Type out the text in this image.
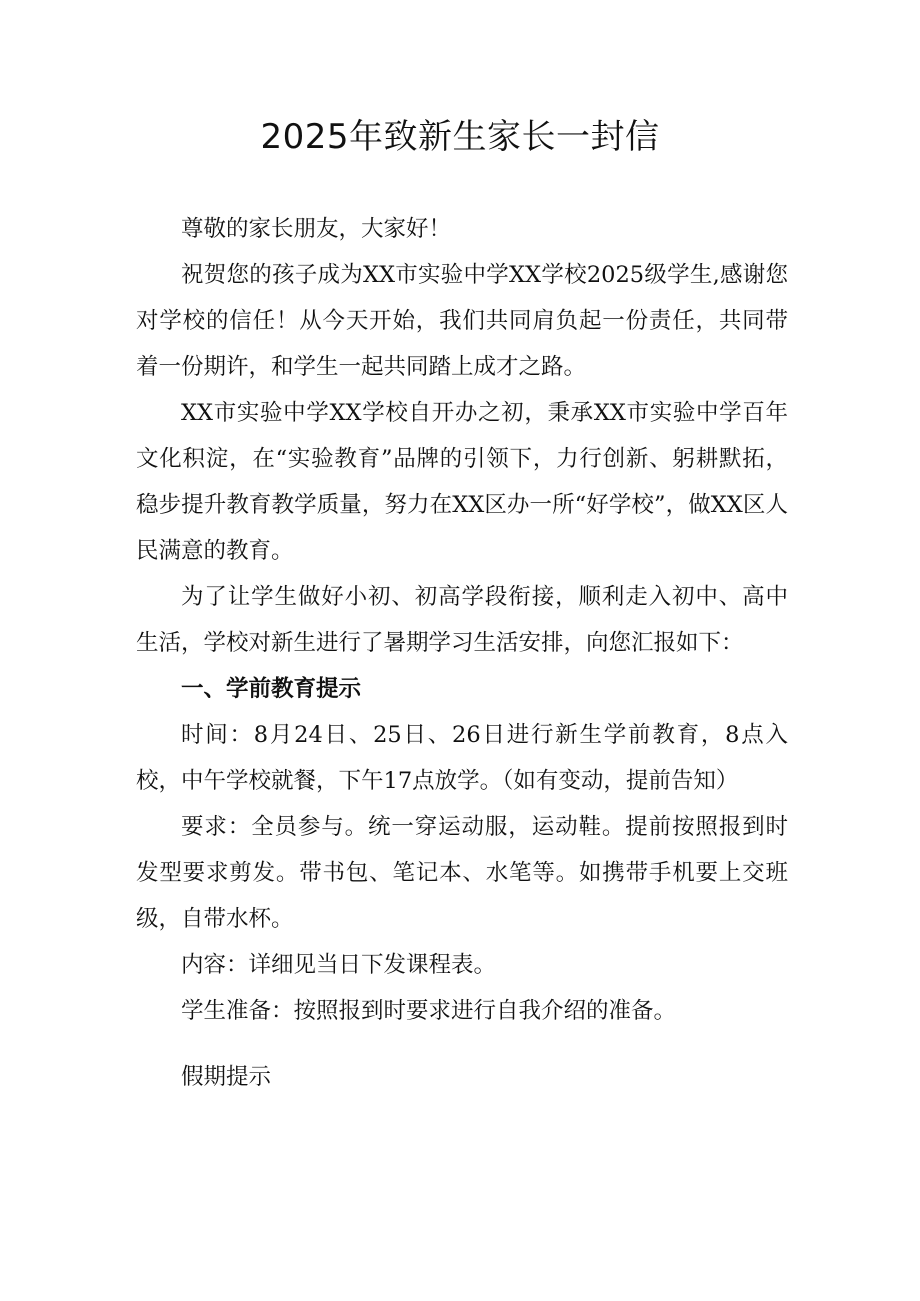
2025年致新生家长一封信

尊敬的家长朋友，大家好！

祝贺您的孩子成为XX市实验中学XX学校2025级学生,感谢您对学校的信任！从今天开始，我们共同肩负起一份责任，共同带着一份期许，和学生一起共同踏上成才之路。

XX市实验中学XX学校自开办之初，秉承XX市实验中学百年文化积淀，在“实验教育”品牌的引领下，力行创新、躬耕默拓，稳步提升教育教学质量，努力在XX区办一所“好学校”，做XX区人民满意的教育。

为了让学生做好小初、初高学段衔接，顺利走入初中、高中生活，学校对新生进行了暑期学习生活安排，向您汇报如下：

一、学前教育提示

时间：8月24日、25日、26日进行新生学前教育，8点入校，中午学校就餐，下午17点放学。（如有变动，提前告知）

要求：全员参与。统一穿运动服，运动鞋。提前按照报到时发型要求剪发。带书包、笔记本、水笔等。如携带手机要上交班级，自带水杯。

内容：详细见当日下发课程表。

学生准备：按照报到时要求进行自我介绍的准备。

假期提示
